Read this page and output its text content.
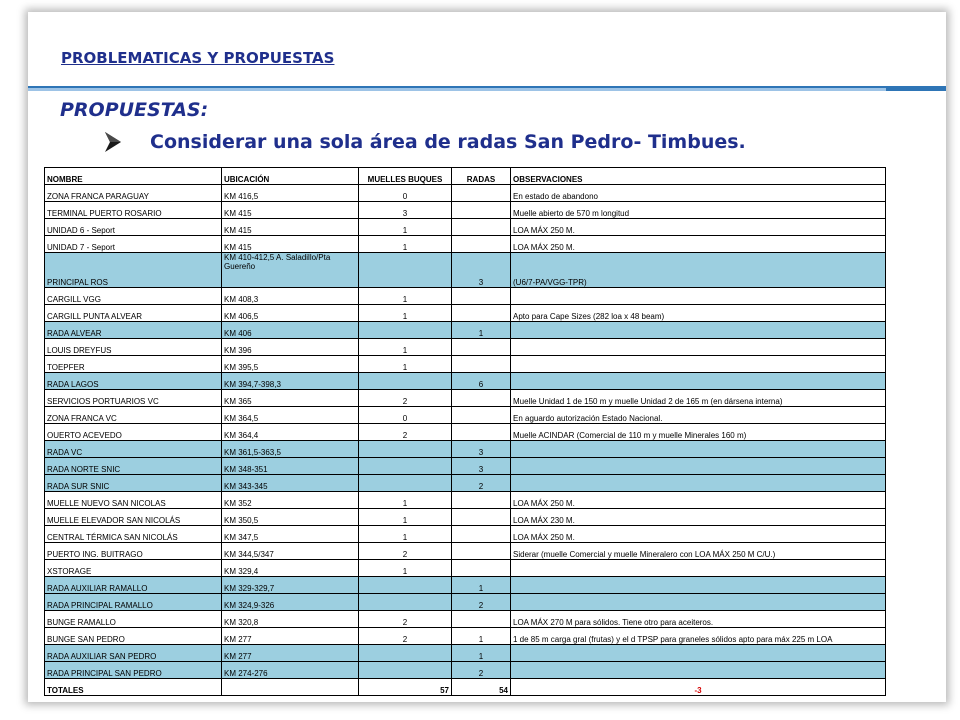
PROBLEMATICAS Y PROPUESTAS
PROPUESTAS:
Considerar una sola área de radas San Pedro- Timbues.
NOMBRE	UBICACIÓN	MUELLES BUQUES	RADAS	OBSERVACIONES
ZONA FRANCA PARAGUAY	KM 416,5	0		En estado de abandono
TERMINAL PUERTO ROSARIO	KM 415	3		Muelle abierto de 570 m longitud
UNIDAD 6 - Seport	KM 415	1		LOA MÁX 250 M.
UNIDAD 7 - Seport	KM 415	1		LOA MÁX 250 M.
PRINCIPAL ROS	KM 410-412,5 A. Saladillo/Pta Guereño		3	(U6/7-PA/VGG-TPR)
CARGILL VGG	KM 408,3	1		
CARGILL PUNTA ALVEAR	KM 406,5	1		Apto para Cape Sizes (282 loa x 48 beam)
RADA ALVEAR	KM 406		1	
LOUIS DREYFUS	KM 396	1		
TOEPFER	KM 395,5	1		
RADA LAGOS	KM 394,7-398,3		6	
SERVICIOS PORTUARIOS VC	KM 365	2		Muelle Unidad 1 de 150 m y muelle Unidad 2 de 165 m (en dársena interna)
ZONA FRANCA VC	KM 364,5	0		En aguardo autorización Estado Nacional.
OUERTO ACEVEDO	KM 364,4	2		Muelle ACINDAR (Comercial de 110 m y muelle Minerales 160 m)
RADA VC	KM 361,5-363,5		3	
RADA NORTE SNIC	KM 348-351		3	
RADA SUR SNIC	KM 343-345		2	
MUELLE NUEVO SAN NICOLAS	KM 352	1		LOA MÁX 250 M.
MUELLE ELEVADOR SAN NICOLÁS	KM 350,5	1		LOA MÁX 230 M.
CENTRAL TÉRMICA SAN NICOLÁS	KM 347,5	1		LOA MÁX 250 M.
PUERTO ING. BUITRAGO	KM 344,5/347	2		Siderar (muelle Comercial y muelle Mineralero con LOA MÁX 250 M C/U.)
XSTORAGE	KM 329,4	1		
RADA AUXILIAR RAMALLO	KM 329-329,7		1	
RADA PRINCIPAL RAMALLO	KM 324,9-326		2	
BUNGE RAMALLO	KM 320,8	2		LOA MÁX 270 M para sólidos. Tiene otro para aceiteros.
BUNGE SAN PEDRO	KM 277	2	1	1 de 85 m carga gral (frutas) y el d TPSP para graneles sólidos apto para máx 225 m LOA
RADA AUXILIAR SAN PEDRO	KM 277		1	
RADA PRINCIPAL SAN PEDRO	KM 274-276		2	
TOTALES		57	54	-3
